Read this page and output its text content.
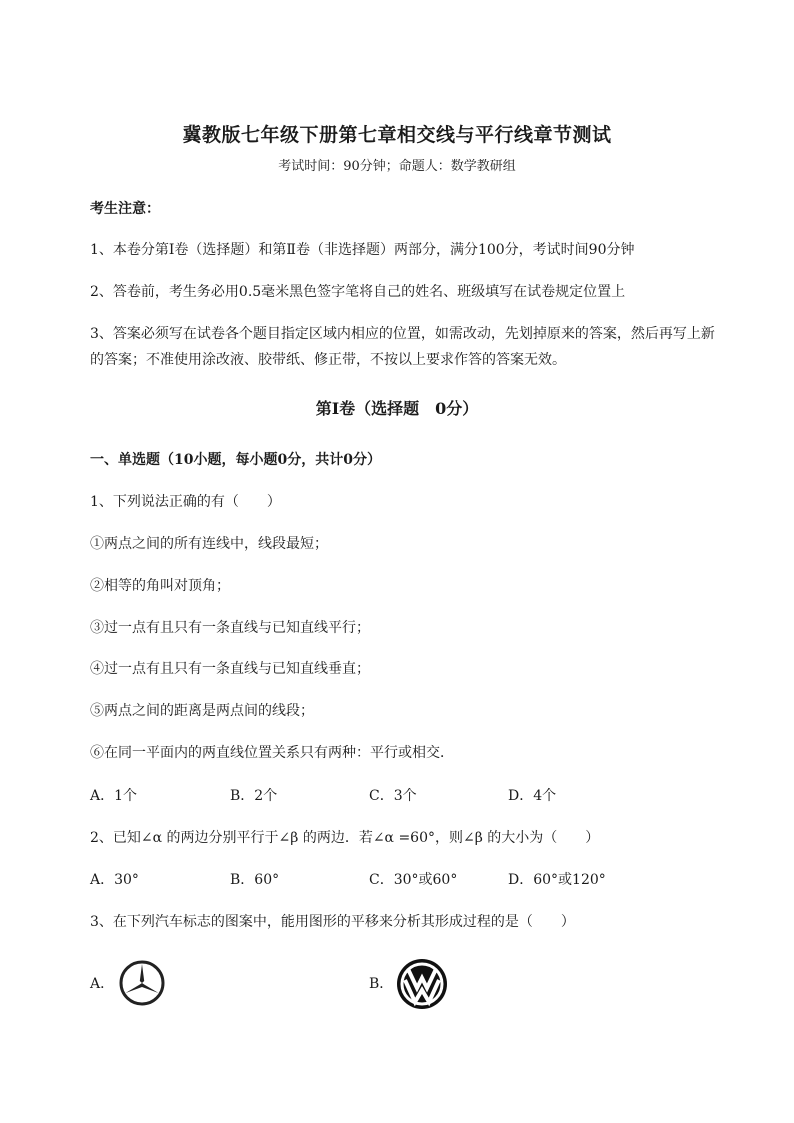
冀教版七年级下册第七章相交线与平行线章节测试
考试时间：90分钟；命题人：数学教研组
考生注意：
1、本卷分第I卷（选择题）和第Ⅱ卷（非选择题）两部分，满分100分，考试时间90分钟
2、答卷前，考生务必用0.5毫米黑色签字笔将自己的姓名、班级填写在试卷规定位置上
3、答案必须写在试卷各个题目指定区域内相应的位置，如需改动，先划掉原来的答案，然后再写上新
的答案；不准使用涂改液、胶带纸、修正带，不按以上要求作答的答案无效。
第I卷（选择题　0分）
一、单选题（10小题，每小题0分，共计0分）
1、下列说法正确的有（　　）
①两点之间的所有连线中，线段最短；
②相等的角叫对顶角；
③过一点有且只有一条直线与已知直线平行；
④过一点有且只有一条直线与已知直线垂直；
⑤两点之间的距离是两点间的线段；
⑥在同一平面内的两直线位置关系只有两种：平行或相交．
A．1个	B．2个	C．3个	D．4个
2、已知∠α 的两边分别平行于∠β 的两边．若∠α =60°，则∠β 的大小为（　　）
A．30°	B．60°	C．30°或60°	D．60°或120°
3、在下列汽车标志的图案中，能用图形的平移来分析其形成过程的是（　　）
A．	B．
